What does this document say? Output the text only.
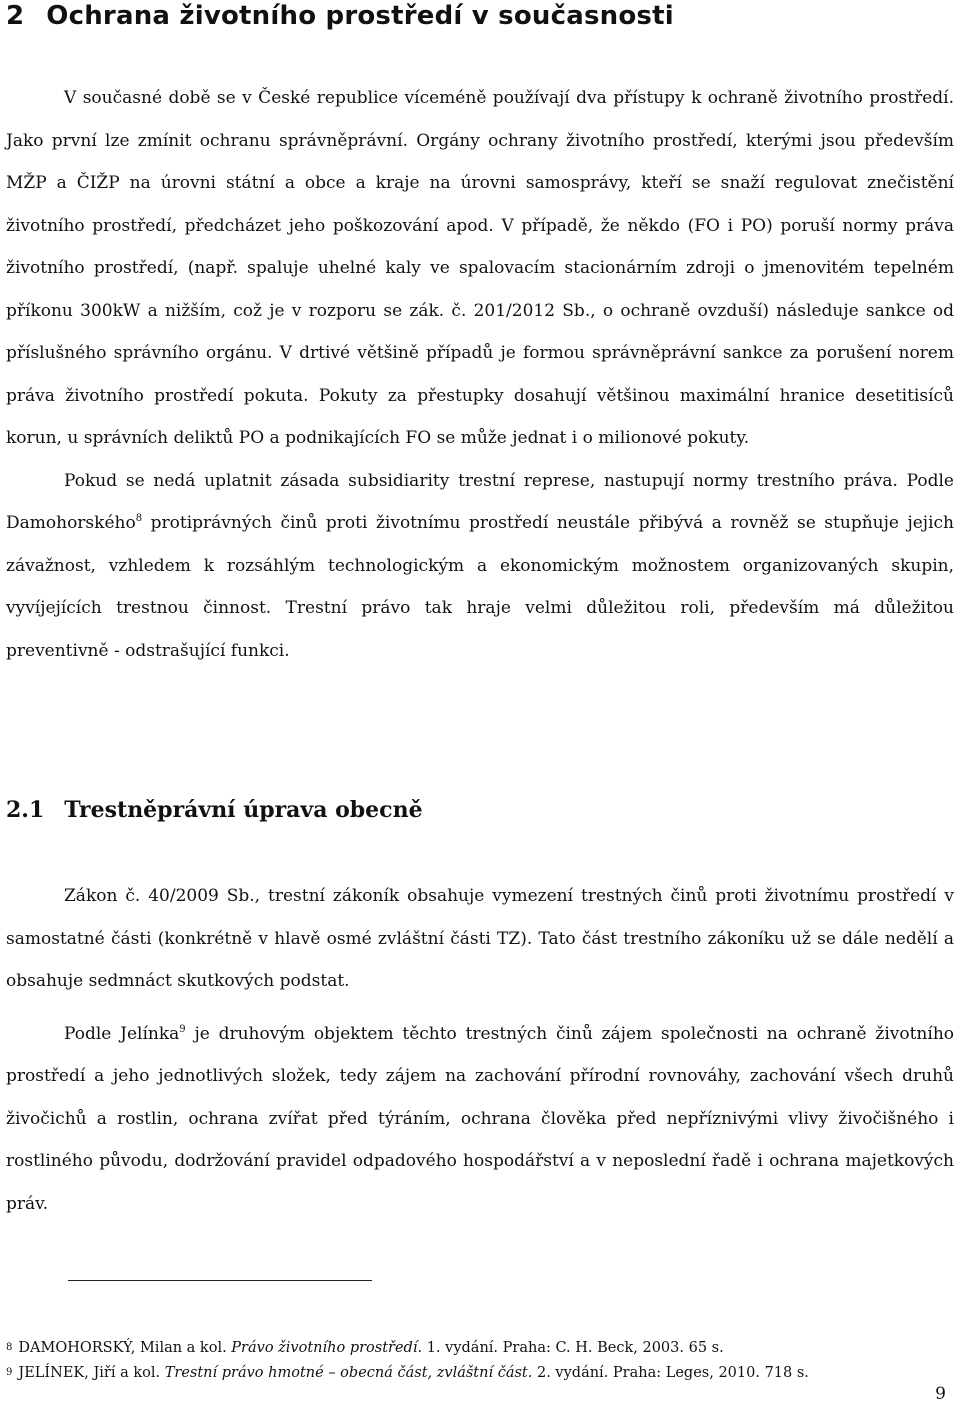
2 Ochrana životního prostředí v současnosti

V současné době se v České republice víceméně používají dva přístupy k ochraně životního prostředí. Jako první lze zmínit ochranu správněprávní. Orgány ochrany životního prostředí, kterými jsou především MŽP a ČIŽP na úrovni státní a obce a kraje na úrovni samosprávy, kteří se snaží regulovat znečistění životního prostředí, předcházet jeho poškozování apod. V případě, že někdo (FO i PO) poruší normy práva životního prostředí, (např. spaluje uhelné kaly ve spalovacím stacionárním zdroji o jmenovitém tepelném příkonu 300kW a nižším, což je v rozporu se zák. č. 201/2012 Sb., o ochraně ovzduší) následuje sankce od příslušného správního orgánu. V drtivé většině případů je formou správněprávní sankce za porušení norem práva životního prostředí pokuta. Pokuty za přestupky dosahují většinou maximální hranice desetitisíců korun, u správních deliktů PO a podnikajících FO se může jednat i o milionové pokuty.

Pokud se nedá uplatnit zásada subsidiarity trestní represe, nastupují normy trestního práva. Podle Damohorského$^8$ protiprávných činů proti životnímu prostředí neustále přibývá a rovněž se stupňuje jejich závažnost, vzhledem k rozsáhlým technologickým a ekonomickým možnostem organizovaných skupin, vyvíjejících trestnou činnost. Trestní právo tak hraje velmi důležitou roli, především má důležitou preventivně - odstrašující funkci.

2.1 Trestněprávní úprava obecně

Zákon č. 40/2009 Sb., trestní zákoník obsahuje vymezení trestných činů proti životnímu prostředí v samostatné části (konkrétně v hlavě osmé zvláštní části TZ). Tato část trestního zákoníku už se dále nedělí a obsahuje sedmnáct skutkových podstat.

Podle Jelínka$^9$ je druhovým objektem těchto trestných činů zájem společnosti na ochraně životního prostředí a jeho jednotlivých složek, tedy zájem na zachování přírodní rovnováhy, zachování všech druhů živočichů a rostlin, ochrana zvířat před týráním, ochrana člověka před nepříznivými vlivy živočišného i rostliného původu, dodržování pravidel odpadového hospodářství a v neposlední řadě i ochrana majetkových práv.

$^8$ DAMOHORSKÝ, Milan a kol. Právo životního prostředí. 1. vydání. Praha: C. H. Beck, 2003. 65 s.

$^9$ JELÍNEK, Jiří a kol. Trestní právo hmotné – obecná část, zvláštní část. 2. vydání. Praha: Leges, 2010. 718 s.

9
